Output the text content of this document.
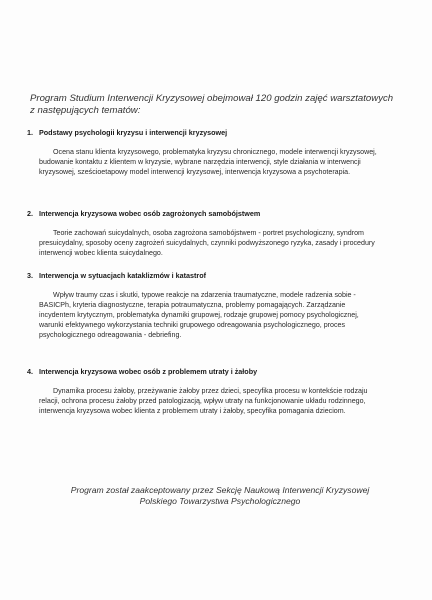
Program Studium Interwencji Kryzysowej obejmował 120 godzin zajęć warsztatowych z następujących tematów:
1. Podstawy psychologii kryzysu i interwencji kryzysowej
Ocena stanu klienta kryzysowego, problematyka kryzysu chronicznego, modele interwencji kryzysowej, budowanie kontaktu z klientem w kryzysie, wybrane narzędzia interwencji, style działania w interwencji kryzysowej, sześcioetapowy model interwencji kryzysowej, interwencja kryzysowa a psychoterapia.
2. Interwencja kryzysowa wobec osób zagrożonych samobójstwem
Teorie zachowań suicydalnych, osoba zagrożona samobójstwem - portret psychologiczny, syndrom presuicydalny, sposoby oceny zagrożeń suicydalnych, czynniki podwyższonego ryzyka, zasady i procedury interwencji wobec klienta suicydalnego.
3. Interwencja w sytuacjach kataklizmów i katastrof
Wpływ traumy czas i skutki, typowe reakcje na zdarzenia traumatyczne, modele radzenia sobie - BASICPh, kryteria diagnostyczne, terapia potraumatyczna, problemy pomagających. Zarządzanie incydentem krytycznym, problematyka dynamiki grupowej, rodzaje grupowej pomocy psychologicznej, warunki efektywnego wykorzystania techniki grupowego odreagowania psychologicznego, proces psychologicznego odreagowania - debriefing.
4. Interwencja kryzysowa wobec osób z problemem utraty i żałoby
Dynamika procesu żałoby, przeżywanie żałoby przez dzieci, specyfika procesu w kontekście rodzaju relacji, ochrona procesu żałoby przed patologizacją, wpływ utraty na funkcjonowanie układu rodzinnego, interwencja kryzysowa wobec klienta z problemem utraty i żałoby, specyfika pomagania dzieciom.
Program został zaakceptowany przez Sekcję Naukową Interwencji Kryzysowej
Polskiego Towarzystwa Psychologicznego
